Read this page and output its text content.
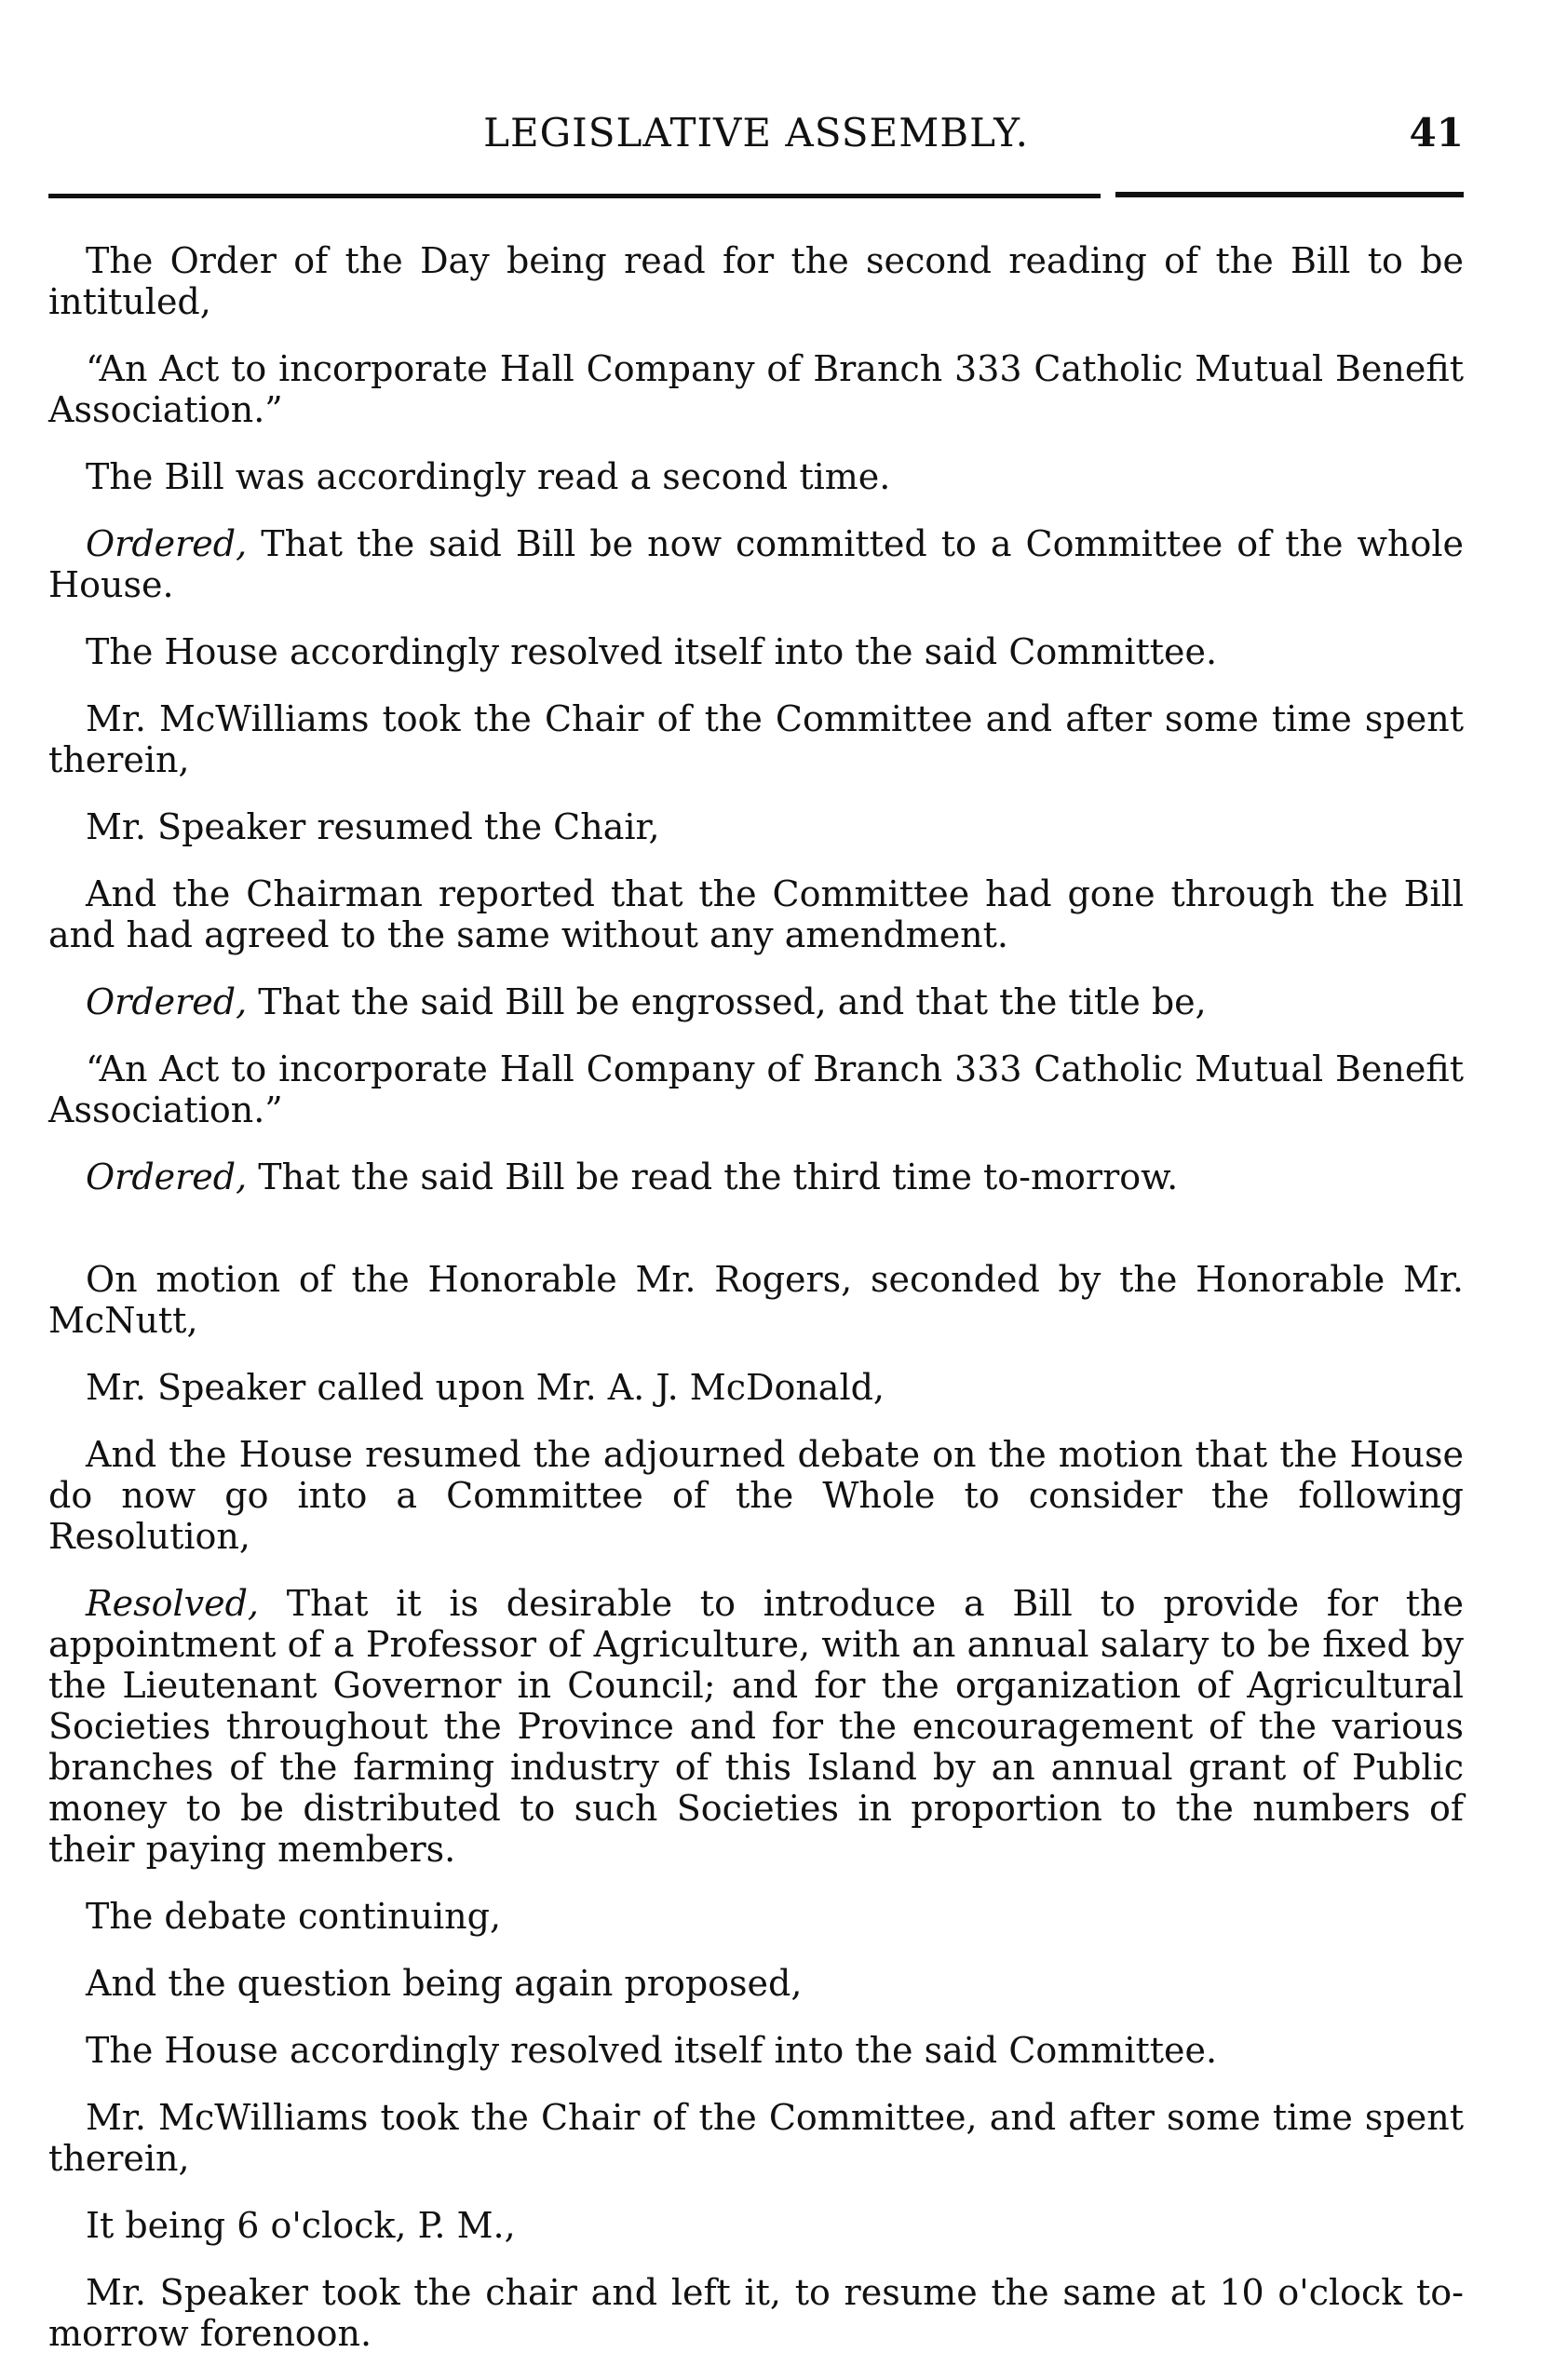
LEGISLATIVE ASSEMBLY.	41

The Order of the Day being read for the second reading of the Bill to be intituled,

“An Act to incorporate Hall Company of Branch 333 Catholic Mutual Benefit Association.”

The Bill was accordingly read a second time.

Ordered, That the said Bill be now committed to a Committee of the whole House.

The House accordingly resolved itself into the said Committee.

Mr. McWilliams took the Chair of the Committee and after some time spent therein,

Mr. Speaker resumed the Chair,

And the Chairman reported that the Committee had gone through the Bill and had agreed to the same without any amendment.

Ordered, That the said Bill be engrossed, and that the title be,

“An Act to incorporate Hall Company of Branch 333 Catholic Mutual Benefit Association.”

Ordered, That the said Bill be read the third time to-morrow.

On motion of the Honorable Mr. Rogers, seconded by the Honorable Mr. McNutt,

Mr. Speaker called upon Mr. A. J. McDonald,

And the House resumed the adjourned debate on the motion that the House do now go into a Committee of the Whole to consider the following Resolution,

Resolved, That it is desirable to introduce a Bill to provide for the appointment of a Professor of Agriculture, with an annual salary to be fixed by the Lieutenant Governor in Council; and for the organization of Agricultural Societies throughout the Province and for the encouragement of the various branches of the farming industry of this Island by an annual grant of Public money to be distributed to such Societies in proportion to the numbers of their paying members.

The debate continuing,

And the question being again proposed,

The House accordingly resolved itself into the said Committee.

Mr. McWilliams took the Chair of the Committee, and after some time spent therein,

It being 6 o'clock, P. M.,

Mr. Speaker took the chair and left it, to resume the same at 10 o'clock to-morrow forenoon.
